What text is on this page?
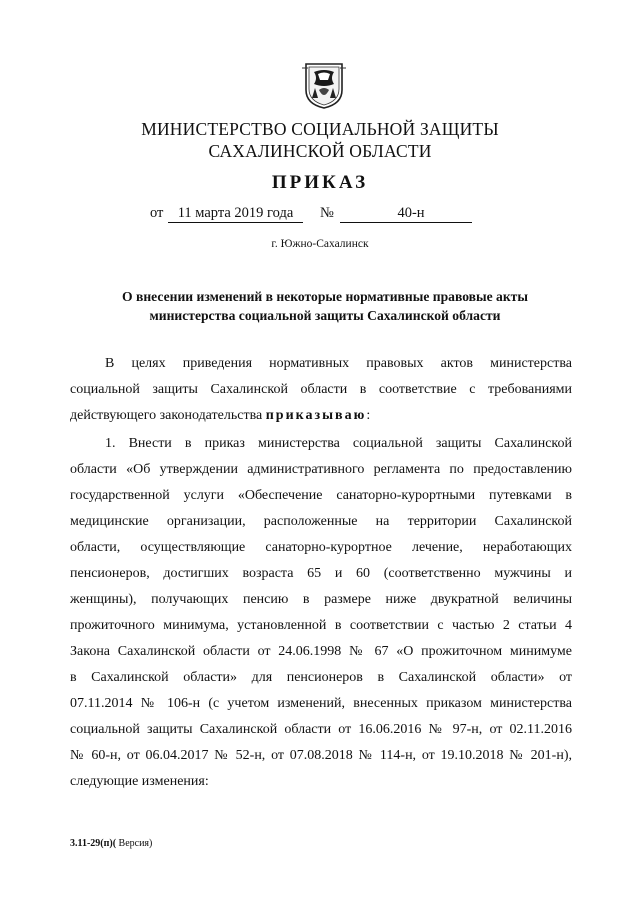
МИНИСТЕРСТВО СОЦИАЛЬНОЙ ЗАЩИТЫ
САХАЛИНСКОЙ ОБЛАСТИ
ПРИКАЗ
от 11 марта 2019 года	№	40-н
г. Южно-Сахалинск
О внесении изменений в некоторые нормативные правовые акты
министерства социальной защиты Сахалинской области
В целях приведения нормативных правовых актов министерства
социальной защиты Сахалинской области в соответствие с требованиями
действующего законодательства приказываю:
1. Внести в приказ министерства социальной защиты Сахалинской
области «Об утверждении административного регламента по предоставлению
государственной услуги «Обеспечение санаторно-курортными путевками в
медицинские организации, расположенные на территории Сахалинской
области, осуществляющие санаторно-курортное лечение, неработающих
пенсионеров, достигших возраста 65 и 60 (соответственно мужчины и
женщины), получающих пенсию в размере ниже двукратной величины
прожиточного минимума, установленной в соответствии с частью 2 статьи 4
Закона Сахалинской области от 24.06.1998 № 67 «О прожиточном минимуме
в Сахалинской области» для пенсионеров в Сахалинской области» от
07.11.2014 № 106-н (с учетом изменений, внесенных приказом министерства
социальной защиты Сахалинской области от 16.06.2016 № 97-н, от 02.11.2016
№ 60-н, от 06.04.2017 № 52-н, от 07.08.2018 № 114-н, от 19.10.2018 № 201-н),
следующие изменения:
3.11-29(п)( Версия)
